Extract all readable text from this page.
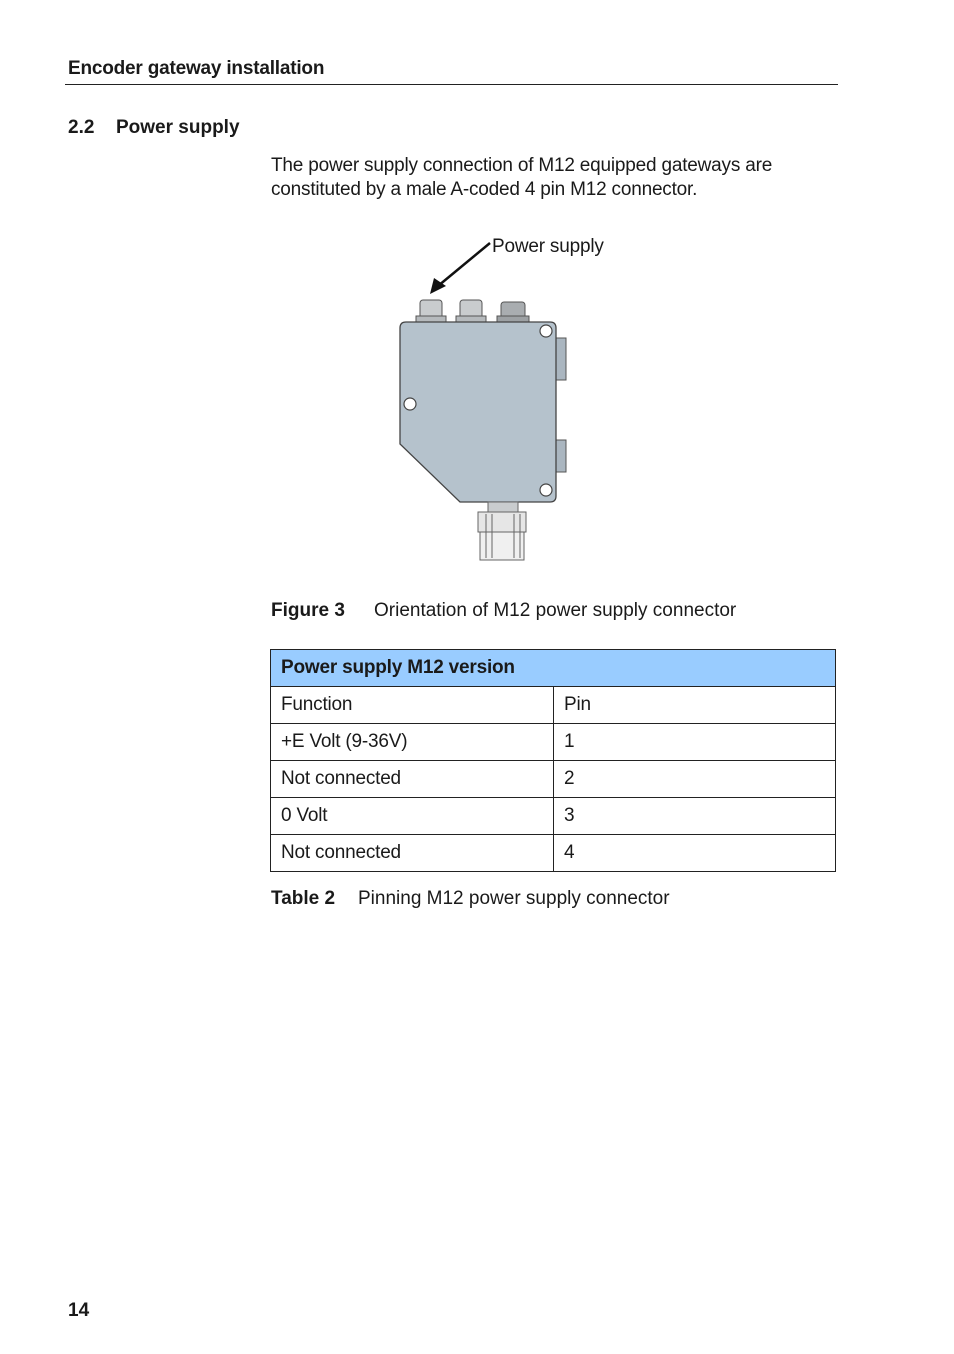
Encoder gateway installation
2.2 Power supply
The power supply connection of M12 equipped gateways are constituted by a male A-coded 4 pin M12 connector.
Power supply
Figure 3 Orientation of M12 power supply connector
Power supply M12 version	
Function	Pin
+E Volt (9-36V)	1
Not connected	2
0 Volt	3
Not connected	4
Table 2 Pinning M12 power supply connector
14
